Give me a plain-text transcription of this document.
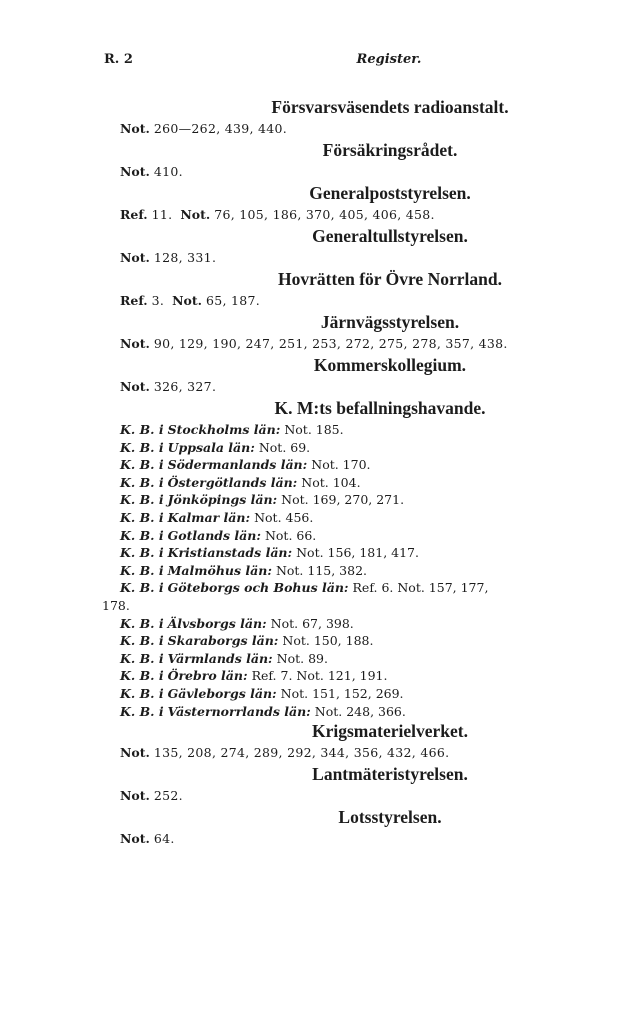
R. 2	Register.
Försvarsväsendets radioanstalt.
Not. 260—262, 439, 440.
Försäkringsrådet.
Not. 410.
Generalpoststyrelsen.
Ref. 11. Not. 76, 105, 186, 370, 405, 406, 458.
Generaltullstyrelsen.
Not. 128, 331.
Hovrätten för Övre Norrland.
Ref. 3. Not. 65, 187.
Järnvägsstyrelsen.
Not. 90, 129, 190, 247, 251, 253, 272, 275, 278, 357, 438.
Kommerskollegium.
Not. 326, 327.
K. M:ts befallningshavande.
K. B. i Stockholms län: Not. 185.
K. B. i Uppsala län: Not. 69.
K. B. i Södermanlands län: Not. 170.
K. B. i Östergötlands län: Not. 104.
K. B. i Jönköpings län: Not. 169, 270, 271.
K. B. i Kalmar län: Not. 456.
K. B. i Gotlands län: Not. 66.
K. B. i Kristianstads län: Not. 156, 181, 417.
K. B. i Malmöhus län: Not. 115, 382.
K. B. i Göteborgs och Bohus län: Ref. 6. Not. 157, 177,
178.
K. B. i Älvsborgs län: Not. 67, 398.
K. B. i Skaraborgs län: Not. 150, 188.
K. B. i Värmlands län: Not. 89.
K. B. i Örebro län: Ref. 7. Not. 121, 191.
K. B. i Gävleborgs län: Not. 151, 152, 269.
K. B. i Västernorrlands län: Not. 248, 366.
Krigsmaterielverket.
Not. 135, 208, 274, 289, 292, 344, 356, 432, 466.
Lantmäteristyrelsen.
Not. 252.
Lotsstyrelsen.
Not. 64.
